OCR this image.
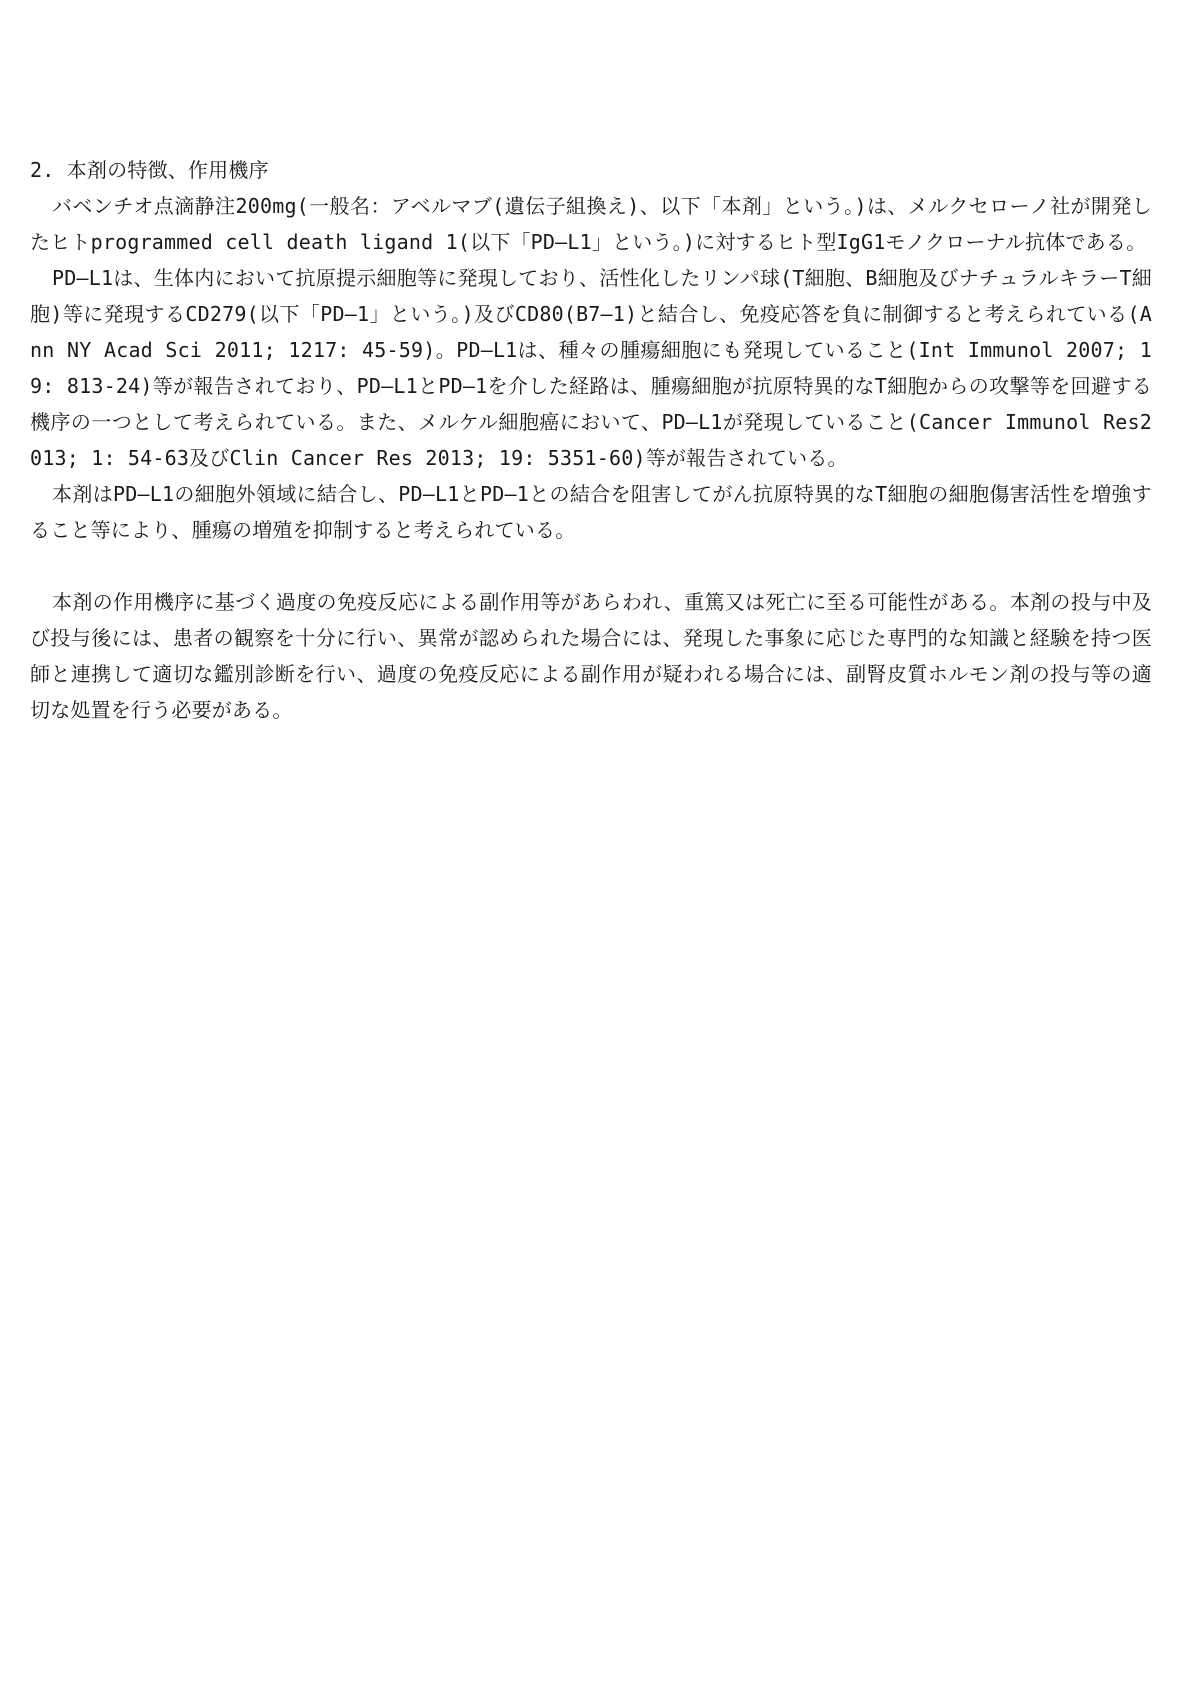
2. 本剤の特徴、作用機序

バベンチオ点滴静注200mg(一般名：アベルマブ(遺伝子組換え)、以下「本剤」という。)は、メルクセローノ社が開発したヒトprogrammed cell death ligand 1(以下「PD―L1」という。)に対するヒト型IgG1モノクローナル抗体である。

PD―L1は、生体内において抗原提示細胞等に発現しており、活性化したリンパ球(T細胞、B細胞及びナチュラルキラーT細胞)等に発現するCD279(以下「PD―1」という。)及びCD80(B7―1)と結合し、免疫応答を負に制御すると考えられている(Ann NY Acad Sci 2011; 1217: 45-59)。PD―L1は、種々の腫瘍細胞にも発現していること(Int Immunol 2007; 19: 813-24)等が報告されており、PD―L1とPD―1を介した経路は、腫瘍細胞が抗原特異的なT細胞からの攻撃等を回避する機序の一つとして考えられている。また、メルケル細胞癌において、PD―L1が発現していること(Cancer Immunol Res2013; 1: 54-63及びClin Cancer Res 2013; 19: 5351-60)等が報告されている。

本剤はPD―L1の細胞外領域に結合し、PD―L1とPD―1との結合を阻害してがん抗原特異的なT細胞の細胞傷害活性を増強すること等により、腫瘍の増殖を抑制すると考えられている。

本剤の作用機序に基づく過度の免疫反応による副作用等があらわれ、重篤又は死亡に至る可能性がある。本剤の投与中及び投与後には、患者の観察を十分に行い、異常が認められた場合には、発現した事象に応じた専門的な知識と経験を持つ医師と連携して適切な鑑別診断を行い、過度の免疫反応による副作用が疑われる場合には、副腎皮質ホルモン剤の投与等の適切な処置を行う必要がある。
